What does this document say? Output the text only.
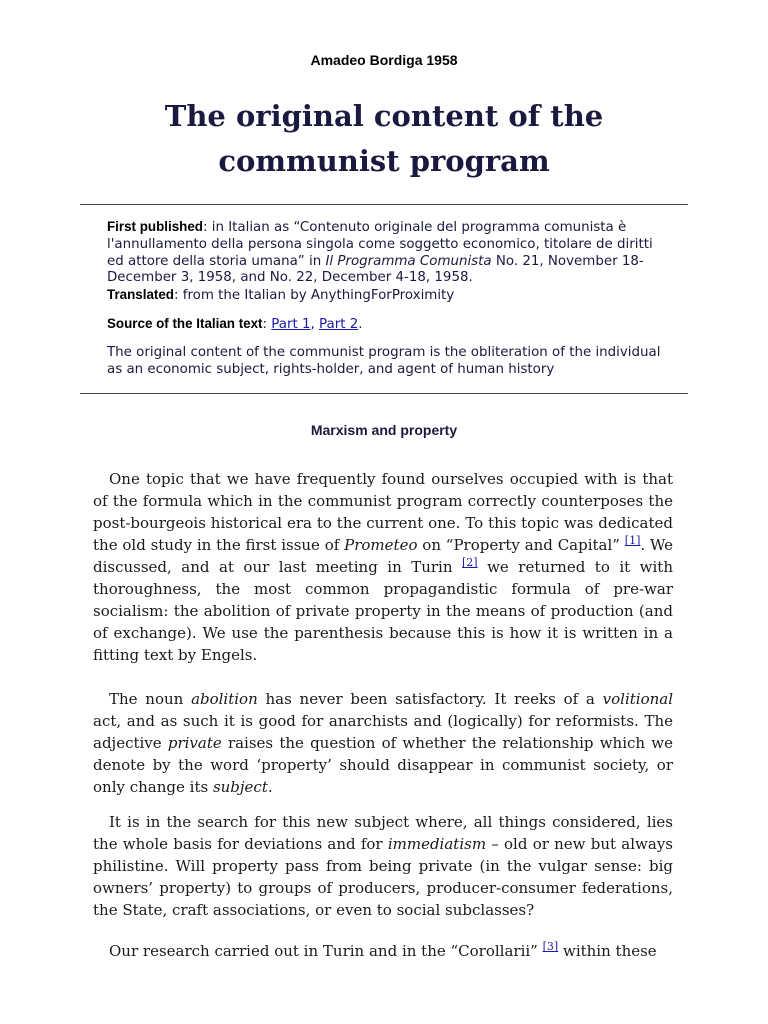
Amadeo Bordiga 1958
The original content of the
communist program
First published: in Italian as “Contenuto originale del programma comunista è l'annullamento della persona singola come soggetto economico, titolare de diritti ed attore della storia umana” in Il Programma Comunista No. 21, November 18-December 3, 1958, and No. 22, December 4-18, 1958.
Translated: from the Italian by AnythingForProximity
Source of the Italian text: Part 1, Part 2.
The original content of the communist program is the obliteration of the individual as an economic subject, rights-holder, and agent of human history
Marxism and property

One topic that we have frequently found ourselves occupied with is that of the formula which in the communist program correctly counterposes the post-bourgeois historical era to the current one. To this topic was dedicated the old study in the first issue of Prometeo on “Property and Capital” [1]. We discussed, and at our last meeting in Turin [2] we returned to it with thoroughness, the most common propagandistic formula of pre-war socialism: the abolition of private property in the means of production (and of exchange). We use the parenthesis because this is how it is written in a fitting text by Engels.

The noun abolition has never been satisfactory. It reeks of a volitional act, and as such it is good for anarchists and (logically) for reformists. The adjective private raises the question of whether the relationship which we denote by the word ‘property’ should disappear in communist society, or only change its subject.

It is in the search for this new subject where, all things considered, lies the whole basis for deviations and for immediatism – old or new but always philistine. Will property pass from being private (in the vulgar sense: big owners’ property) to groups of producers, producer-consumer federations, the State, craft associations, or even to social subclasses?

Our research carried out in Turin and in the “Corollarii” [3] within these
